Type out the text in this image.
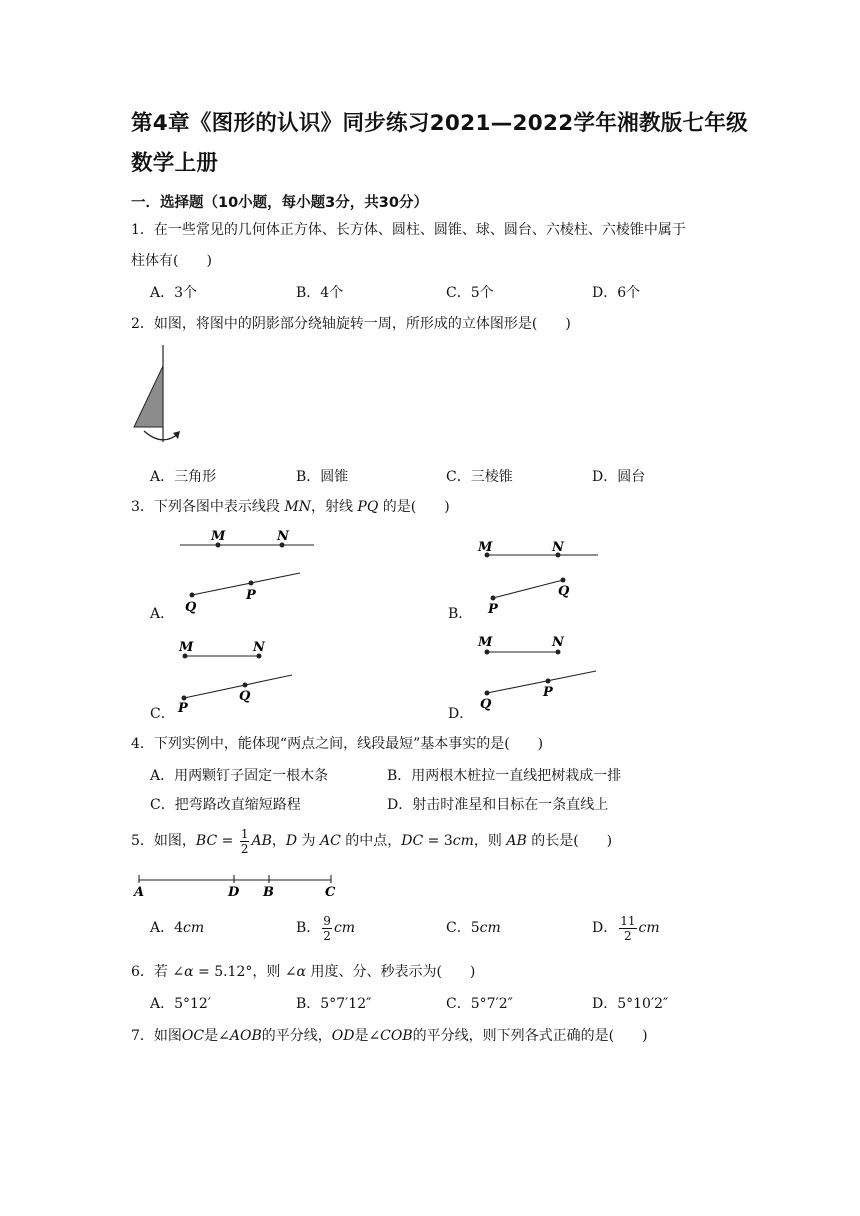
第4章《图形的认识》同步练习2021—2022学年湘教版七年级
数学上册
一．选择题（10小题，每小题3分，共30分）
1．在一些常见的几何体正方体、长方体、圆柱、圆锥、球、圆台、六棱柱、六棱锥中属于
柱体有(　　)
A．3个	B．4个	C．5个	D．6个
2．如图，将图中的阴影部分绕轴旋转一周，所形成的立体图形是(　　)
A．三角形	B．圆锥	C．三棱锥	D．圆台
3．下列各图中表示线段 MN，射线 PQ 的是(　　)
M	N
Q
P
A．
M	N
P
Q
B．
M	N
P
Q
C．
M	N
Q
P
D．
4．下列实例中，能体现“两点之间，线段最短”基本事实的是(　　)
A．用两颗钉子固定一根木条	B．用两根木桩拉一直线把树栽成一排
C．把弯路改直缩短路程	D．射击时准星和目标在一条直线上
5．如图，BC = $\frac{1}{2}$ AB，D 为 AC 的中点，DC = 3cm，则 AB 的长是(　　)
A	D B	C
A．4cm	B． $\frac{9}{2}$ cm	C．5cm	D． $\frac{11}{2}$ cm
6．若 ∠α = 5.12°，则 ∠α 用度、分、秒表示为(　　)
A．5°12′	B．5°7′12″	C．5°7′2″	D．5°10′2″
7．如图OC是∠AOB的平分线，OD是∠COB的平分线，则下列各式正确的是(　　)
